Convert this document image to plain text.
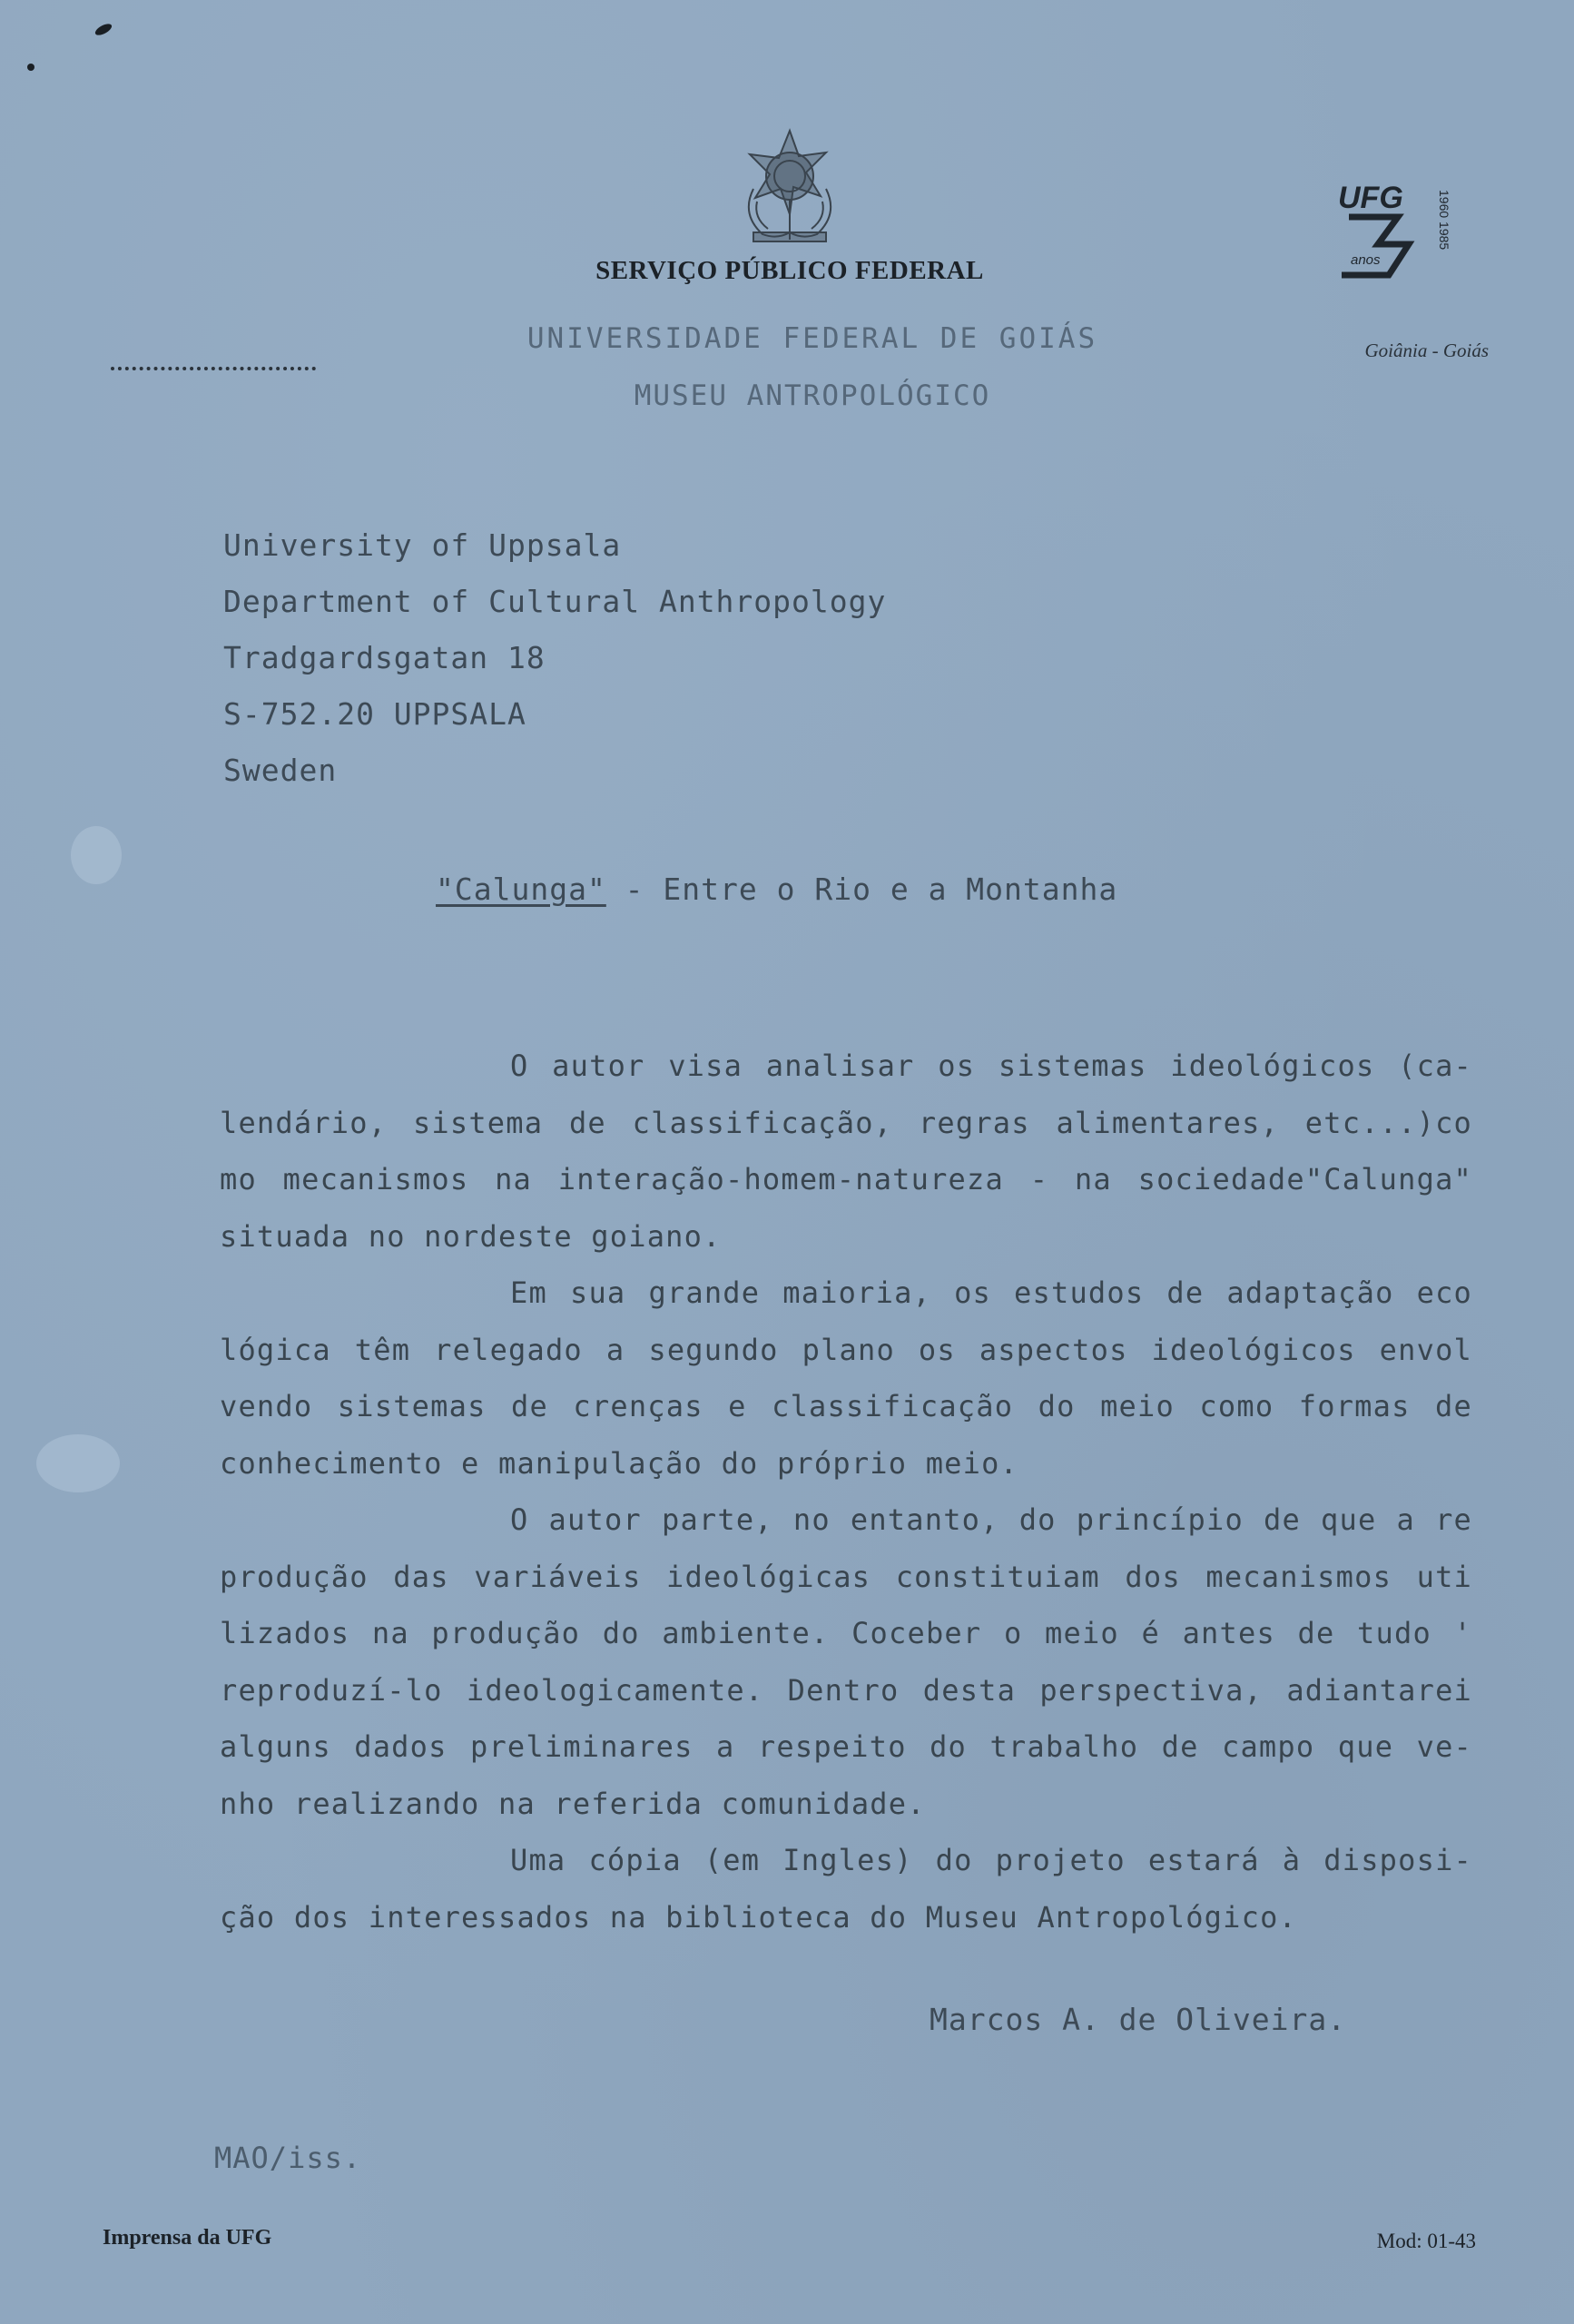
SERVIÇO PÚBLICO FEDERAL
UFG
anos
1960 1985
UNIVERSIDADE FEDERAL DE GOIÁS
MUSEU ANTROPOLÓGICO
Goiânia - Goiás
University of Uppsala
Department of Cultural Anthropology
Tradgardsgatan 18
S-752.20 UPPSALA
Sweden
"Calunga" - Entre o Rio e a Montanha
O autor visa analisar os sistemas ideológicos (ca-
lendário, sistema de classificação, regras alimentares, etc...)co
mo mecanismos na interação-homem-natureza - na sociedade"Calunga"
situada no nordeste goiano.
Em sua grande maioria, os estudos de adaptação eco
lógica têm relegado a segundo plano os aspectos ideológicos envol
vendo sistemas de crenças e classificação do meio como formas de
conhecimento e manipulação do próprio meio.
O autor parte, no entanto, do princípio de que a re
produção das variáveis ideológicas constituiam dos mecanismos uti
lizados na produção do ambiente. Coceber o meio é antes de tudo '
reproduzí-lo ideologicamente. Dentro desta perspectiva, adiantarei
alguns dados preliminares a respeito do trabalho de campo que ve-
nho realizando na referida comunidade.
Uma cópia (em Ingles) do projeto estará à disposi-
ção dos interessados na biblioteca do Museu Antropológico.
Marcos A. de Oliveira.
MAO/iss.
Imprensa da UFG	Mod: 01-43
